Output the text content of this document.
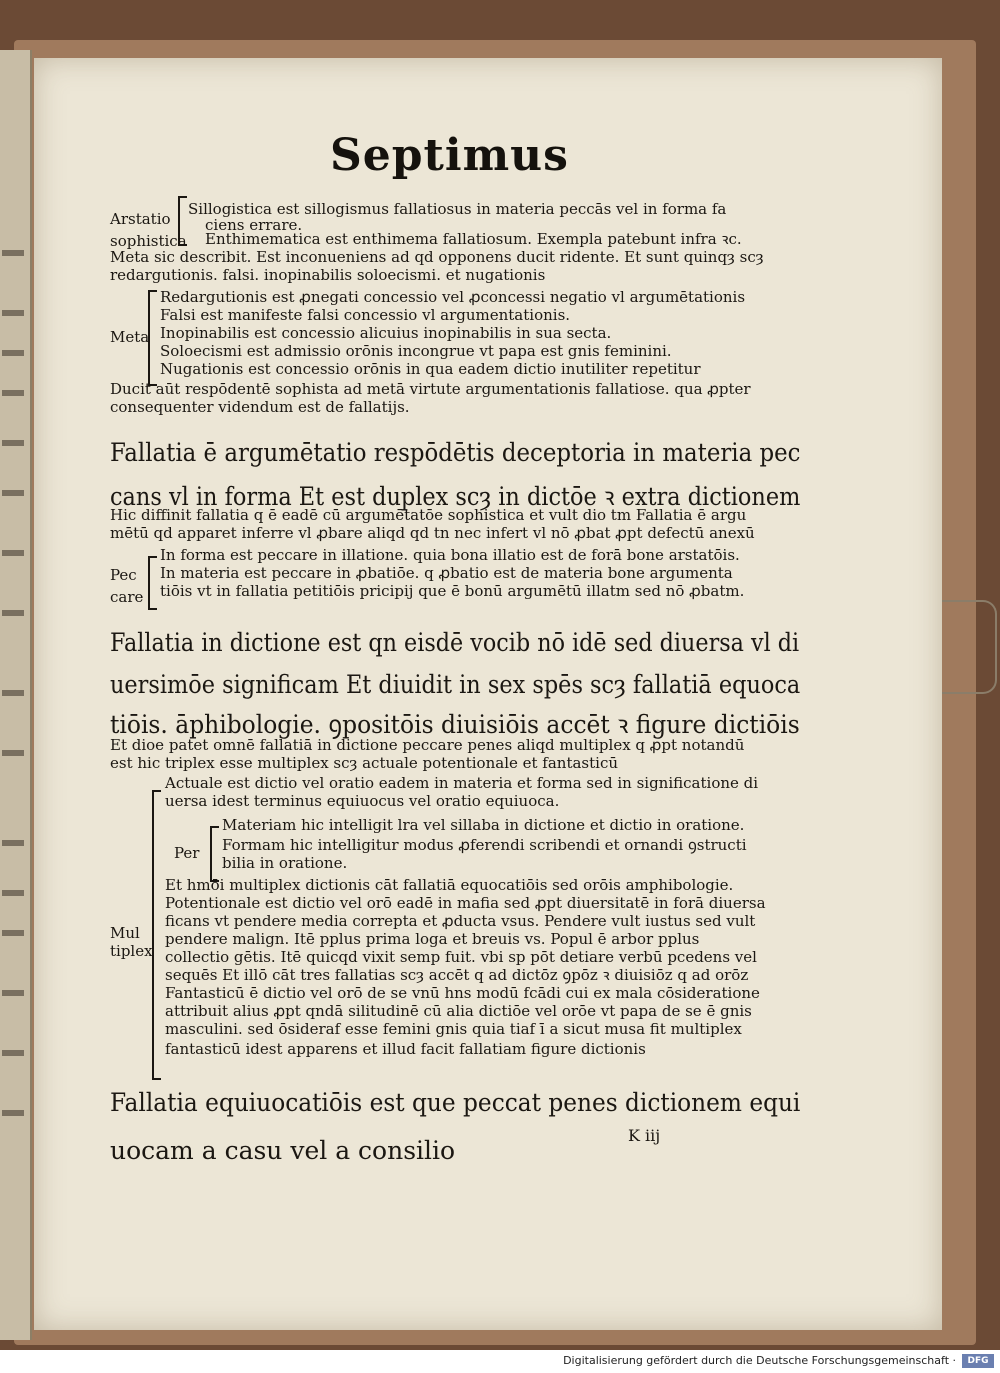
Septimus

Sillogistica est sillogismus fallatiosus in materia peccās vel in forma fa

ciens errare.

Arstatio

sophistica Enthimematica est enthimema fallatiosum. Exempla patebunt infra ꝛc.

Meta sic describit. Est inconueniens ad qd opponens ducit ridente. Et sunt quinqȝ scȝ

redargutionis. falsi. inopinabilis soloecismi. et nugationis

Redargutionis est ꝓnegati concessio vel ꝓconcessi negatio vl argumētationis

Falsi est manifeste falsi concessio vl argumentationis.

Meta Inopinabilis est concessio alicuius inopinabilis in sua secta.

Soloecismi est admissio orōnis incongrue vt papa est gnis feminini.

Nugationis est concessio orōnis in qua eadem dictio inutiliter repetitur

Ducit aūt respōdentē sophista ad metā virtute argumentationis fallatiose. qua ꝓpter

consequenter videndum est de fallatijs.

Fallatia ē argumētatio respōdētis deceptoria in materia pec

cans vl in forma Et est duplex scȝ in dictōe ꝛ extra dictionem

Hic diffinit fallatia q ē eadē cū argumētatōe sophistica et vult dio tm Fallatia ē argu

mētū qd apparet inferre vl ꝓbare aliqd qd tn nec infert vl nō ꝓbat ꝓpt defectū anexū

In forma est peccare in illatione. quia bona illatio est de forā bone arstatōis.

Pec In materia est peccare in ꝓbatiōe. q ꝓbatio est de materia bone argumenta

care tiōis vt in fallatia petitiōis pricipij que ē bonū argumētū illatm sed nō ꝓbatm.

Fallatia in dictione est qn eisdē vocib nō idē sed diuersa vl di

uersimōe significam Et diuidit in sex spēs scȝ fallatiā equoca

tiōis. āphibologie. ꝯpositōis diuisiōis accēt ꝛ figure dictiōis

Et dioe patet omnē fallatiā in dictione peccare penes aliqd multiplex q ꝓpt notandū

est hic triplex esse multiplex scȝ actuale potentionale et fantasticū

Actuale est dictio vel oratio eadem in materia et forma sed in significatione di

uersa idest terminus equiuocus vel oratio equiuoca.

Materiam hic intelligit lra vel sillaba in dictione et dictio in oratione.

Per Formam hic intelligitur modus ꝓferendi scribendi et ornandi ꝯstructi

bilia in oratione.

Et hmōi multiplex dictionis cāt fallatiā equocatiōis sed orōis amphibologie.

Potentionale est dictio vel orō eadē in mafia sed ꝓpt diuersitatē in forā diuersa

Mul

ficans vt pendere media correpta et ꝓducta vsus. Pendere vult iustus sed vult

tiplex

pendere malign. Itē pplus prima loga et breuis vs. Popul ē arbor pplus

collectio gētis. Itē quicqd vixit semp fuit. vbi sp pōt detiare verbū pcedens vel

sequēs Et illō cāt tres fallatias scȝ accēt q ad dictōz ꝯpōz ꝛ diuisiōz q ad orōz

Fantasticū ē dictio vel orō de se vnū hns modū fcādi cui ex mala cōsideratione

attribuit alius ꝓpt qndā silitudinē cū alia dictiōe vel orōe vt papa de se ē gnis

masculini. sed ōsideraf esse femini gnis quia tiaf ī a sicut musa fit multiplex

fantasticū idest apparens et illud facit fallatiam figure dictionis

Fallatia equiuocatiōis est que peccat penes dictionem equi

uocam a casu vel a consilio

K iij

Digitalisierung gefördert durch die Deutsche Forschungsgemeinschaft ·	DFG
